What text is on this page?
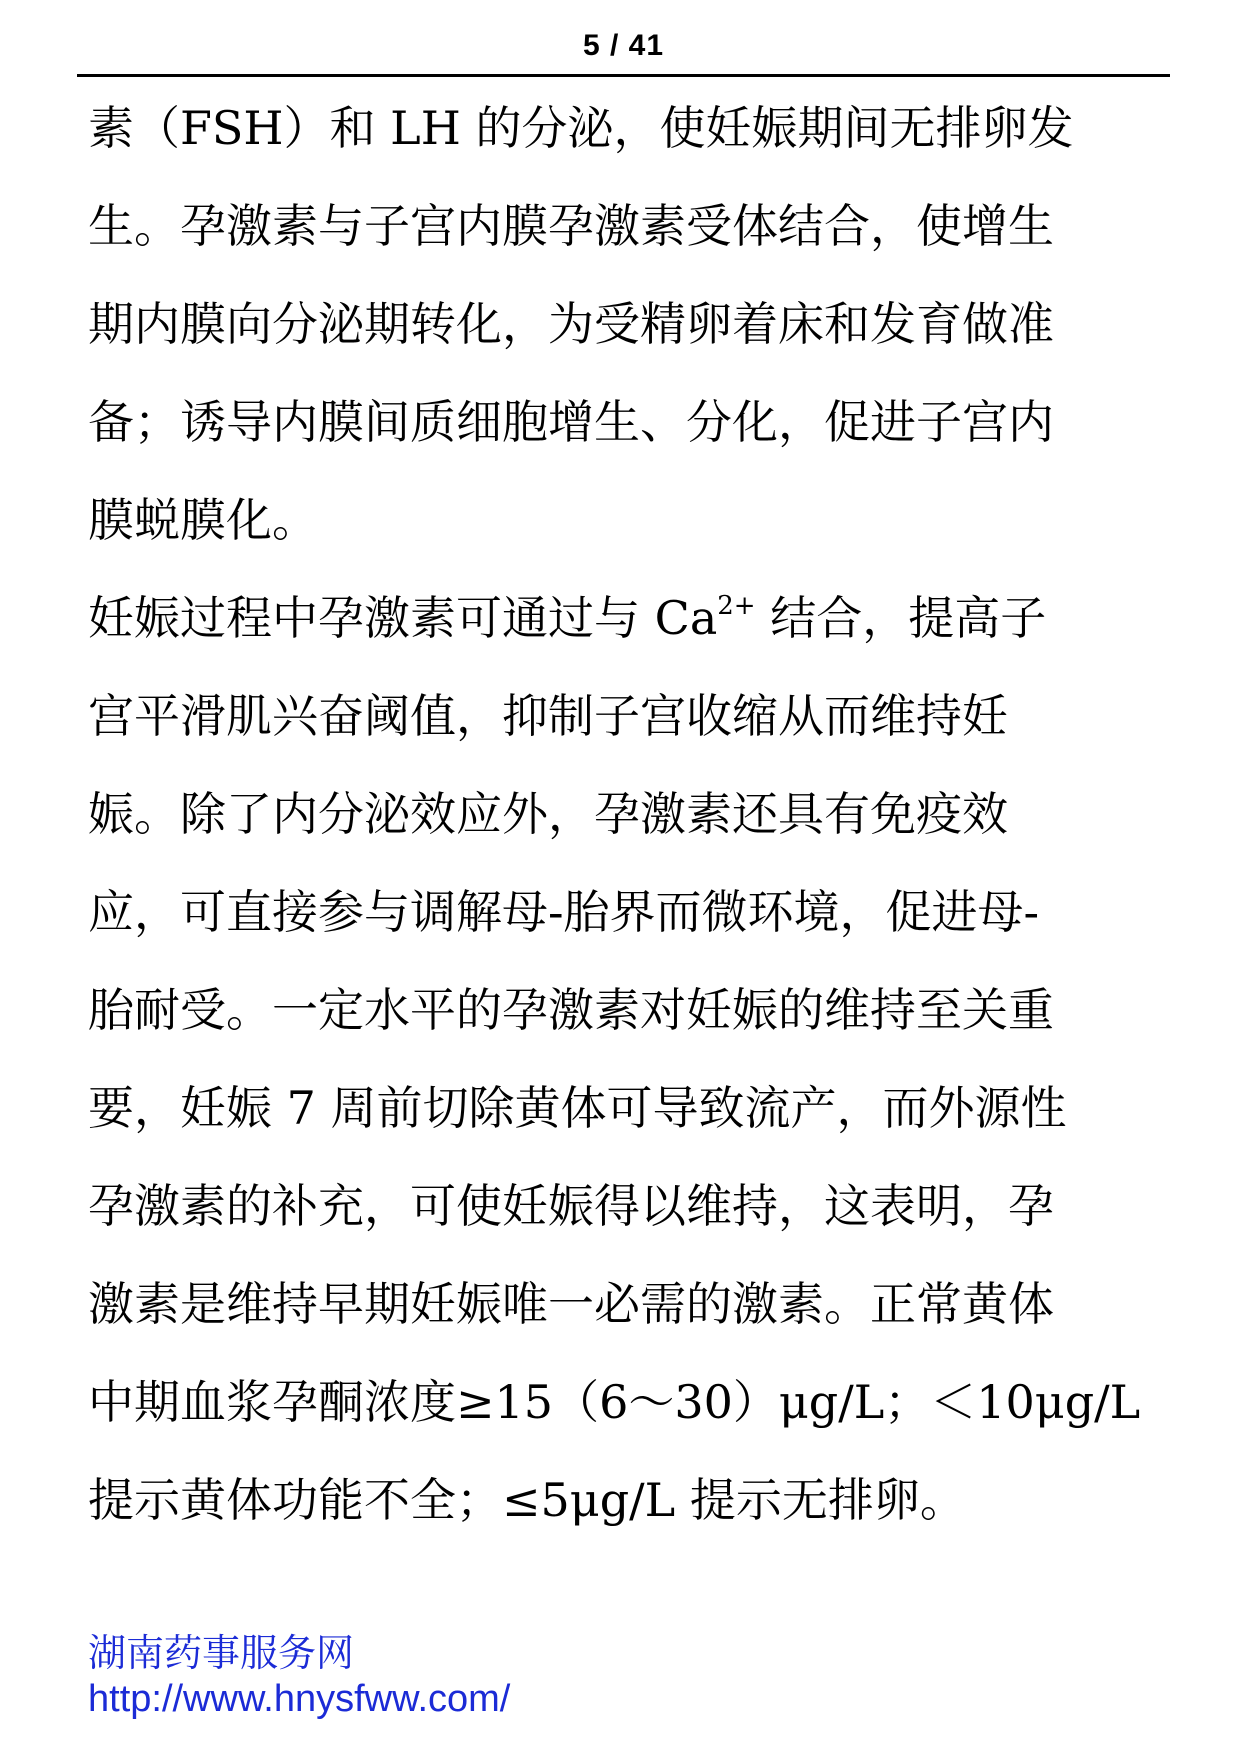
5 / 41
素（FSH）和 LH 的分泌，使妊娠期间无排卵发
生。孕激素与子宫内膜孕激素受体结合，使增生
期内膜向分泌期转化，为受精卵着床和发育做准
备；诱导内膜间质细胞增生、分化，促进子宫内
膜蜕膜化。
妊娠过程中孕激素可通过与 $Ca^{2+}$ 结合，提高子
宫平滑肌兴奋阈值，抑制子宫收缩从而维持妊
娠。除了内分泌效应外，孕激素还具有免疫效
应，可直接参与调解母-胎界而微环境，促进母-
胎耐受。一定水平的孕激素对妊娠的维持至关重
要，妊娠 7 周前切除黄体可导致流产，而外源性
孕激素的补充，可使妊娠得以维持，这表明，孕
激素是维持早期妊娠唯一必需的激素。正常黄体
中期血浆孕酮浓度≥15（6～30）μg/L；＜10μg/L
提示黄体功能不全；≤5μg/L 提示无排卵。
湖南药事服务网
http://www.hnysfww.com/
